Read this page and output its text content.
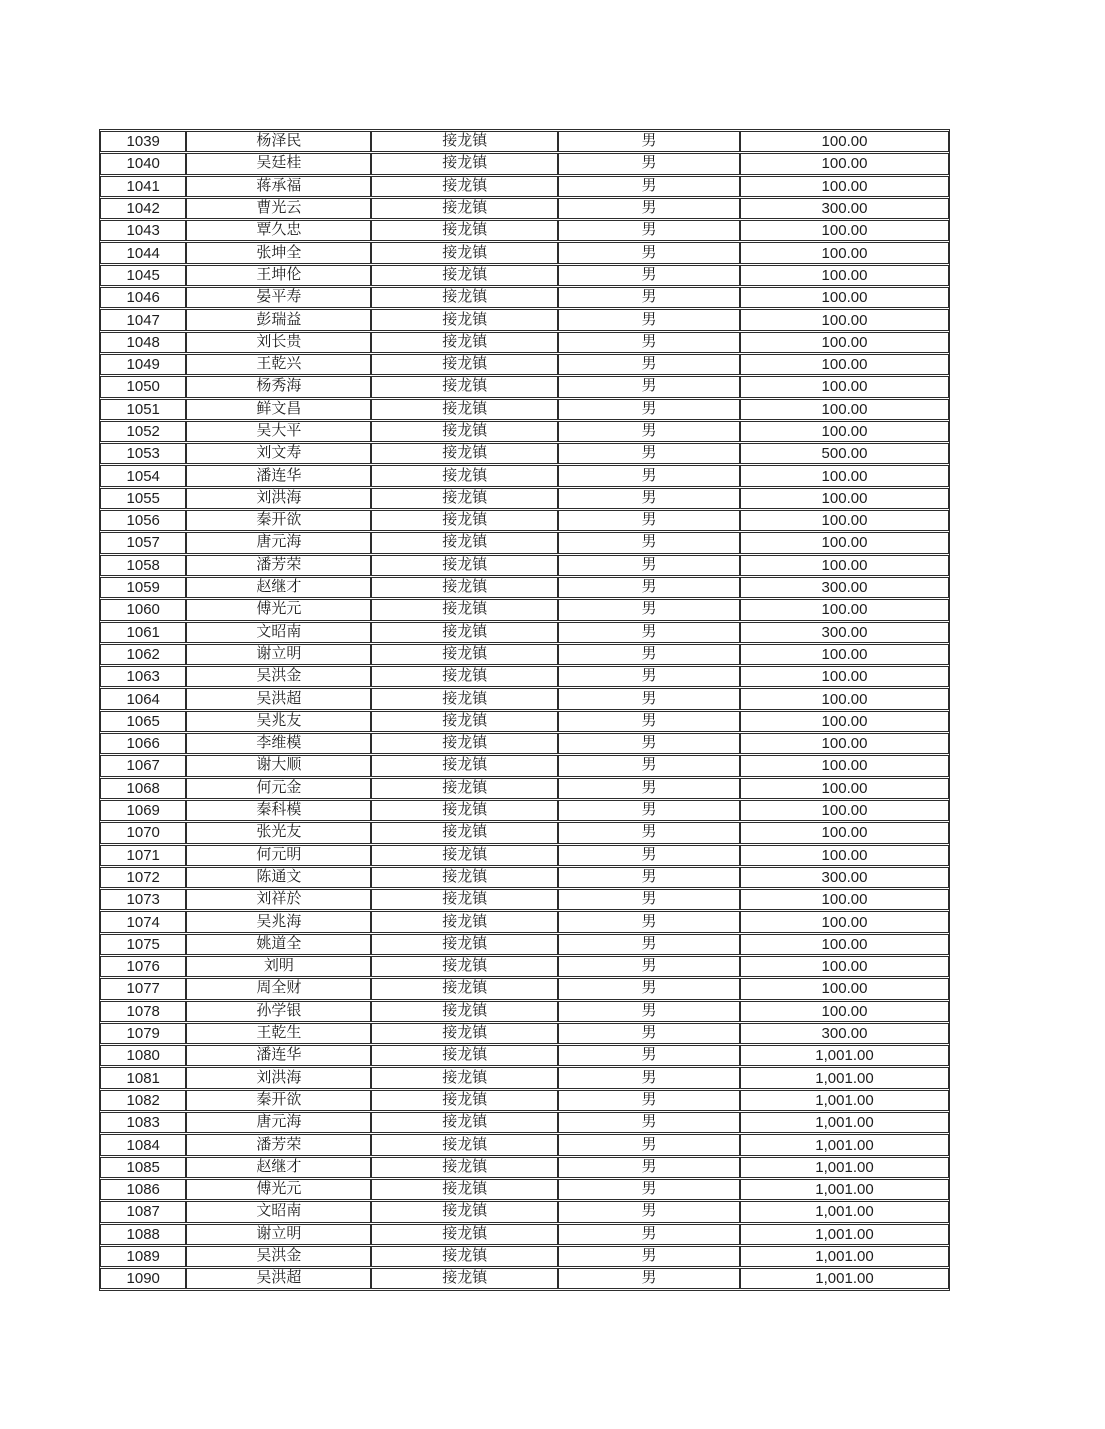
1039	杨泽民	接龙镇	男	100.00
1040	吴廷桂	接龙镇	男	100.00
1041	蒋承福	接龙镇	男	100.00
1042	曹光云	接龙镇	男	300.00
1043	覃久忠	接龙镇	男	100.00
1044	张坤全	接龙镇	男	100.00
1045	王坤伦	接龙镇	男	100.00
1046	晏平寿	接龙镇	男	100.00
1047	彭瑞益	接龙镇	男	100.00
1048	刘长贵	接龙镇	男	100.00
1049	王乾兴	接龙镇	男	100.00
1050	杨秀海	接龙镇	男	100.00
1051	鲜文昌	接龙镇	男	100.00
1052	吴大平	接龙镇	男	100.00
1053	刘文寿	接龙镇	男	500.00
1054	潘连华	接龙镇	男	100.00
1055	刘洪海	接龙镇	男	100.00
1056	秦开欲	接龙镇	男	100.00
1057	唐元海	接龙镇	男	100.00
1058	潘芳荣	接龙镇	男	100.00
1059	赵继才	接龙镇	男	300.00
1060	傅光元	接龙镇	男	100.00
1061	文昭南	接龙镇	男	300.00
1062	谢立明	接龙镇	男	100.00
1063	吴洪金	接龙镇	男	100.00
1064	吴洪超	接龙镇	男	100.00
1065	吴兆友	接龙镇	男	100.00
1066	李维模	接龙镇	男	100.00
1067	谢大顺	接龙镇	男	100.00
1068	何元金	接龙镇	男	100.00
1069	秦科模	接龙镇	男	100.00
1070	张光友	接龙镇	男	100.00
1071	何元明	接龙镇	男	100.00
1072	陈通文	接龙镇	男	300.00
1073	刘祥於	接龙镇	男	100.00
1074	吴兆海	接龙镇	男	100.00
1075	姚道全	接龙镇	男	100.00
1076	刘明	接龙镇	男	100.00
1077	周全财	接龙镇	男	100.00
1078	孙学银	接龙镇	男	100.00
1079	王乾生	接龙镇	男	300.00
1080	潘连华	接龙镇	男	1,001.00
1081	刘洪海	接龙镇	男	1,001.00
1082	秦开欲	接龙镇	男	1,001.00
1083	唐元海	接龙镇	男	1,001.00
1084	潘芳荣	接龙镇	男	1,001.00
1085	赵继才	接龙镇	男	1,001.00
1086	傅光元	接龙镇	男	1,001.00
1087	文昭南	接龙镇	男	1,001.00
1088	谢立明	接龙镇	男	1,001.00
1089	吴洪金	接龙镇	男	1,001.00
1090	吴洪超	接龙镇	男	1,001.00
